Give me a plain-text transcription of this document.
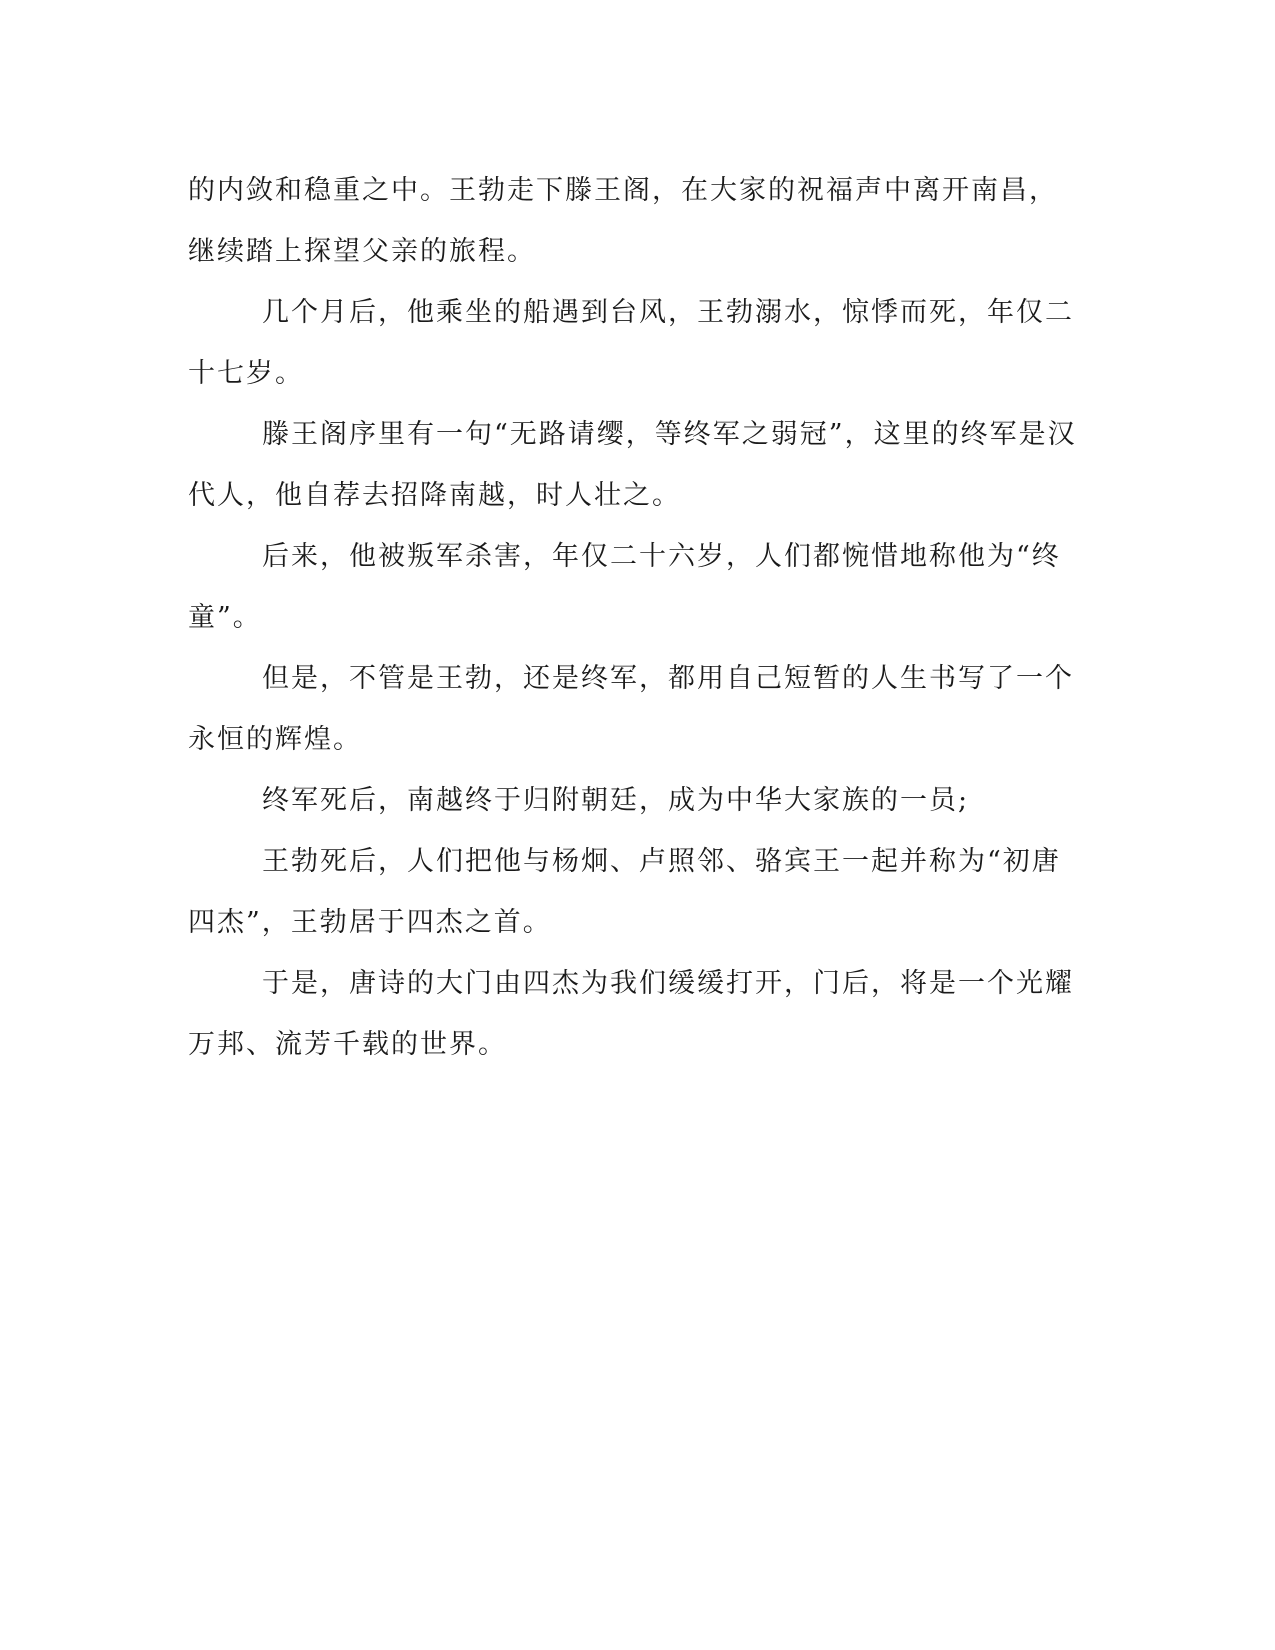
的内敛和稳重之中。王勃走下滕王阁，在大家的祝福声中离开南昌，
继续踏上探望父亲的旅程。
几个月后，他乘坐的船遇到台风，王勃溺水，惊悸而死，年仅二
十七岁。
滕王阁序里有一句“无路请缨，等终军之弱冠”，这里的终军是汉
代人，他自荐去招降南越，时人壮之。
后来，他被叛军杀害，年仅二十六岁，人们都惋惜地称他为“终
童”。
但是，不管是王勃，还是终军，都用自己短暂的人生书写了一个
永恒的辉煌。
终军死后，南越终于归附朝廷，成为中华大家族的一员;
王勃死后，人们把他与杨炯、卢照邻、骆宾王一起并称为“初唐
四杰”，王勃居于四杰之首。
于是，唐诗的大门由四杰为我们缓缓打开，门后，将是一个光耀
万邦、流芳千载的世界。
